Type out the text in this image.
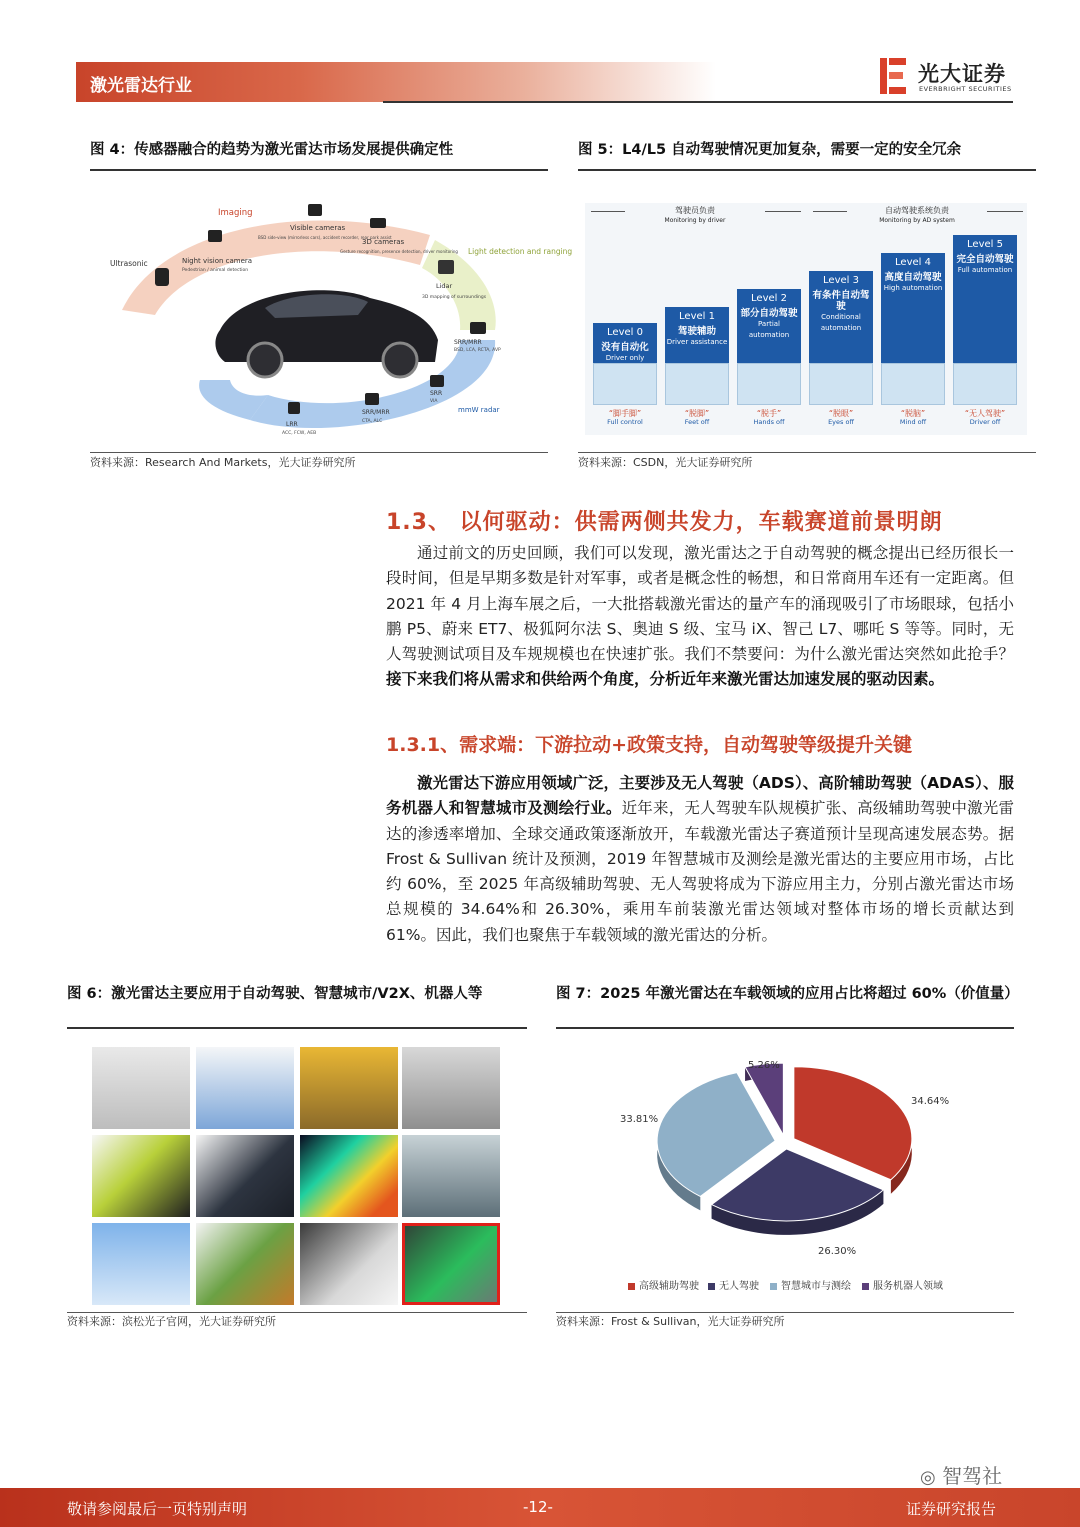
激光雷达行业	光大证券
EVERBRIGHT SECURITIES
图 4：传感器融合的趋势为激光雷达市场发展提供确定性
Imaging
Visible cameras
BSD side-view (mirrorless cars), accident recorder, rear park assist
3D cameras
Gesture recognition, presence detection, driver monitoring
Night vision camera
Pedestrian / animal detection
Ultrasonic
Light detection and ranging
Lidar
3D mapping of surroundings
SRR/MRR
BSD, LCA, RCTA, AVP
SRR
VIA
SRR/MRR
CTA, ALC
LRR
ACC, FCW, AEB
mmW radar
资料来源：Research And Markets，光大证券研究所
图 5：L4/L5 自动驾驶情况更加复杂，需要一定的安全冗余
驾驶员负责
Monitoring by driver
自动驾驶系统负责
Monitoring by AD system
Level 0
没有自动化
Driver only
Level 1
驾驶辅助
Driver assistance
Level 2
部分自动驾驶
Partial automation
Level 3
有条件自动驾驶
Conditional automation
Level 4
高度自动驾驶
High automation
Level 5
完全自动驾驶
Full automation
“脚手脚”
Full control
“脱脚”
Feet off
“脱手”
Hands off
“脱眼”
Eyes off
“脱脑”
Mind off
“无人驾驶”
Driver off
资料来源：CSDN，光大证券研究所
1.3、 以何驱动：供需两侧共发力，车载赛道前景明朗
通过前文的历史回顾，我们可以发现，激光雷达之于自动驾驶的概念提出已经历很长一段时间，但是早期多数是针对军事，或者是概念性的畅想，和日常商用车还有一定距离。但 2021 年 4 月上海车展之后，一大批搭载激光雷达的量产车的涌现吸引了市场眼球，包括小鹏 P5、蔚来 ET7、极狐阿尔法 S、奥迪 S 级、宝马 iX、智己 L7、哪吒 S 等等。同时，无人驾驶测试项目及车规规模也在快速扩张。我们不禁要问：为什么激光雷达突然如此抢手？接下来我们将从需求和供给两个角度，分析近年来激光雷达加速发展的驱动因素。
1.3.1、需求端：下游拉动+政策支持，自动驾驶等级提升关键
激光雷达下游应用领域广泛，主要涉及无人驾驶（ADS）、高阶辅助驾驶（ADAS）、服务机器人和智慧城市及测绘行业。近年来，无人驾驶车队规模扩张、高级辅助驾驶中激光雷达的渗透率增加、全球交通政策逐渐放开，车载激光雷达子赛道预计呈现高速发展态势。据 Frost & Sullivan 统计及预测，2019 年智慧城市及测绘是激光雷达的主要应用市场，占比约 60%，至 2025 年高级辅助驾驶、无人驾驶将成为下游应用主力，分别占激光雷达市场总规模的 34.64%和 26.30%，乘用车前装激光雷达领域对整体市场的增长贡献达到 61%。因此，我们也聚焦于车载领域的激光雷达的分析。
图 6：激光雷达主要应用于自动驾驶、智慧城市/V2X、机器人等
资料来源：滨松光子官网，光大证券研究所
图 7：2025 年激光雷达在车载领域的应用占比将超过 60%（价值量）
34.64%
26.30%
33.81%
5.26%
高级辅助驾驶	无人驾驶	智慧城市与测绘	服务机器人领域
资料来源：Frost & Sullivan，光大证券研究所
◎ 智驾社
敬请参阅最后一页特别声明	-12-	证券研究报告
